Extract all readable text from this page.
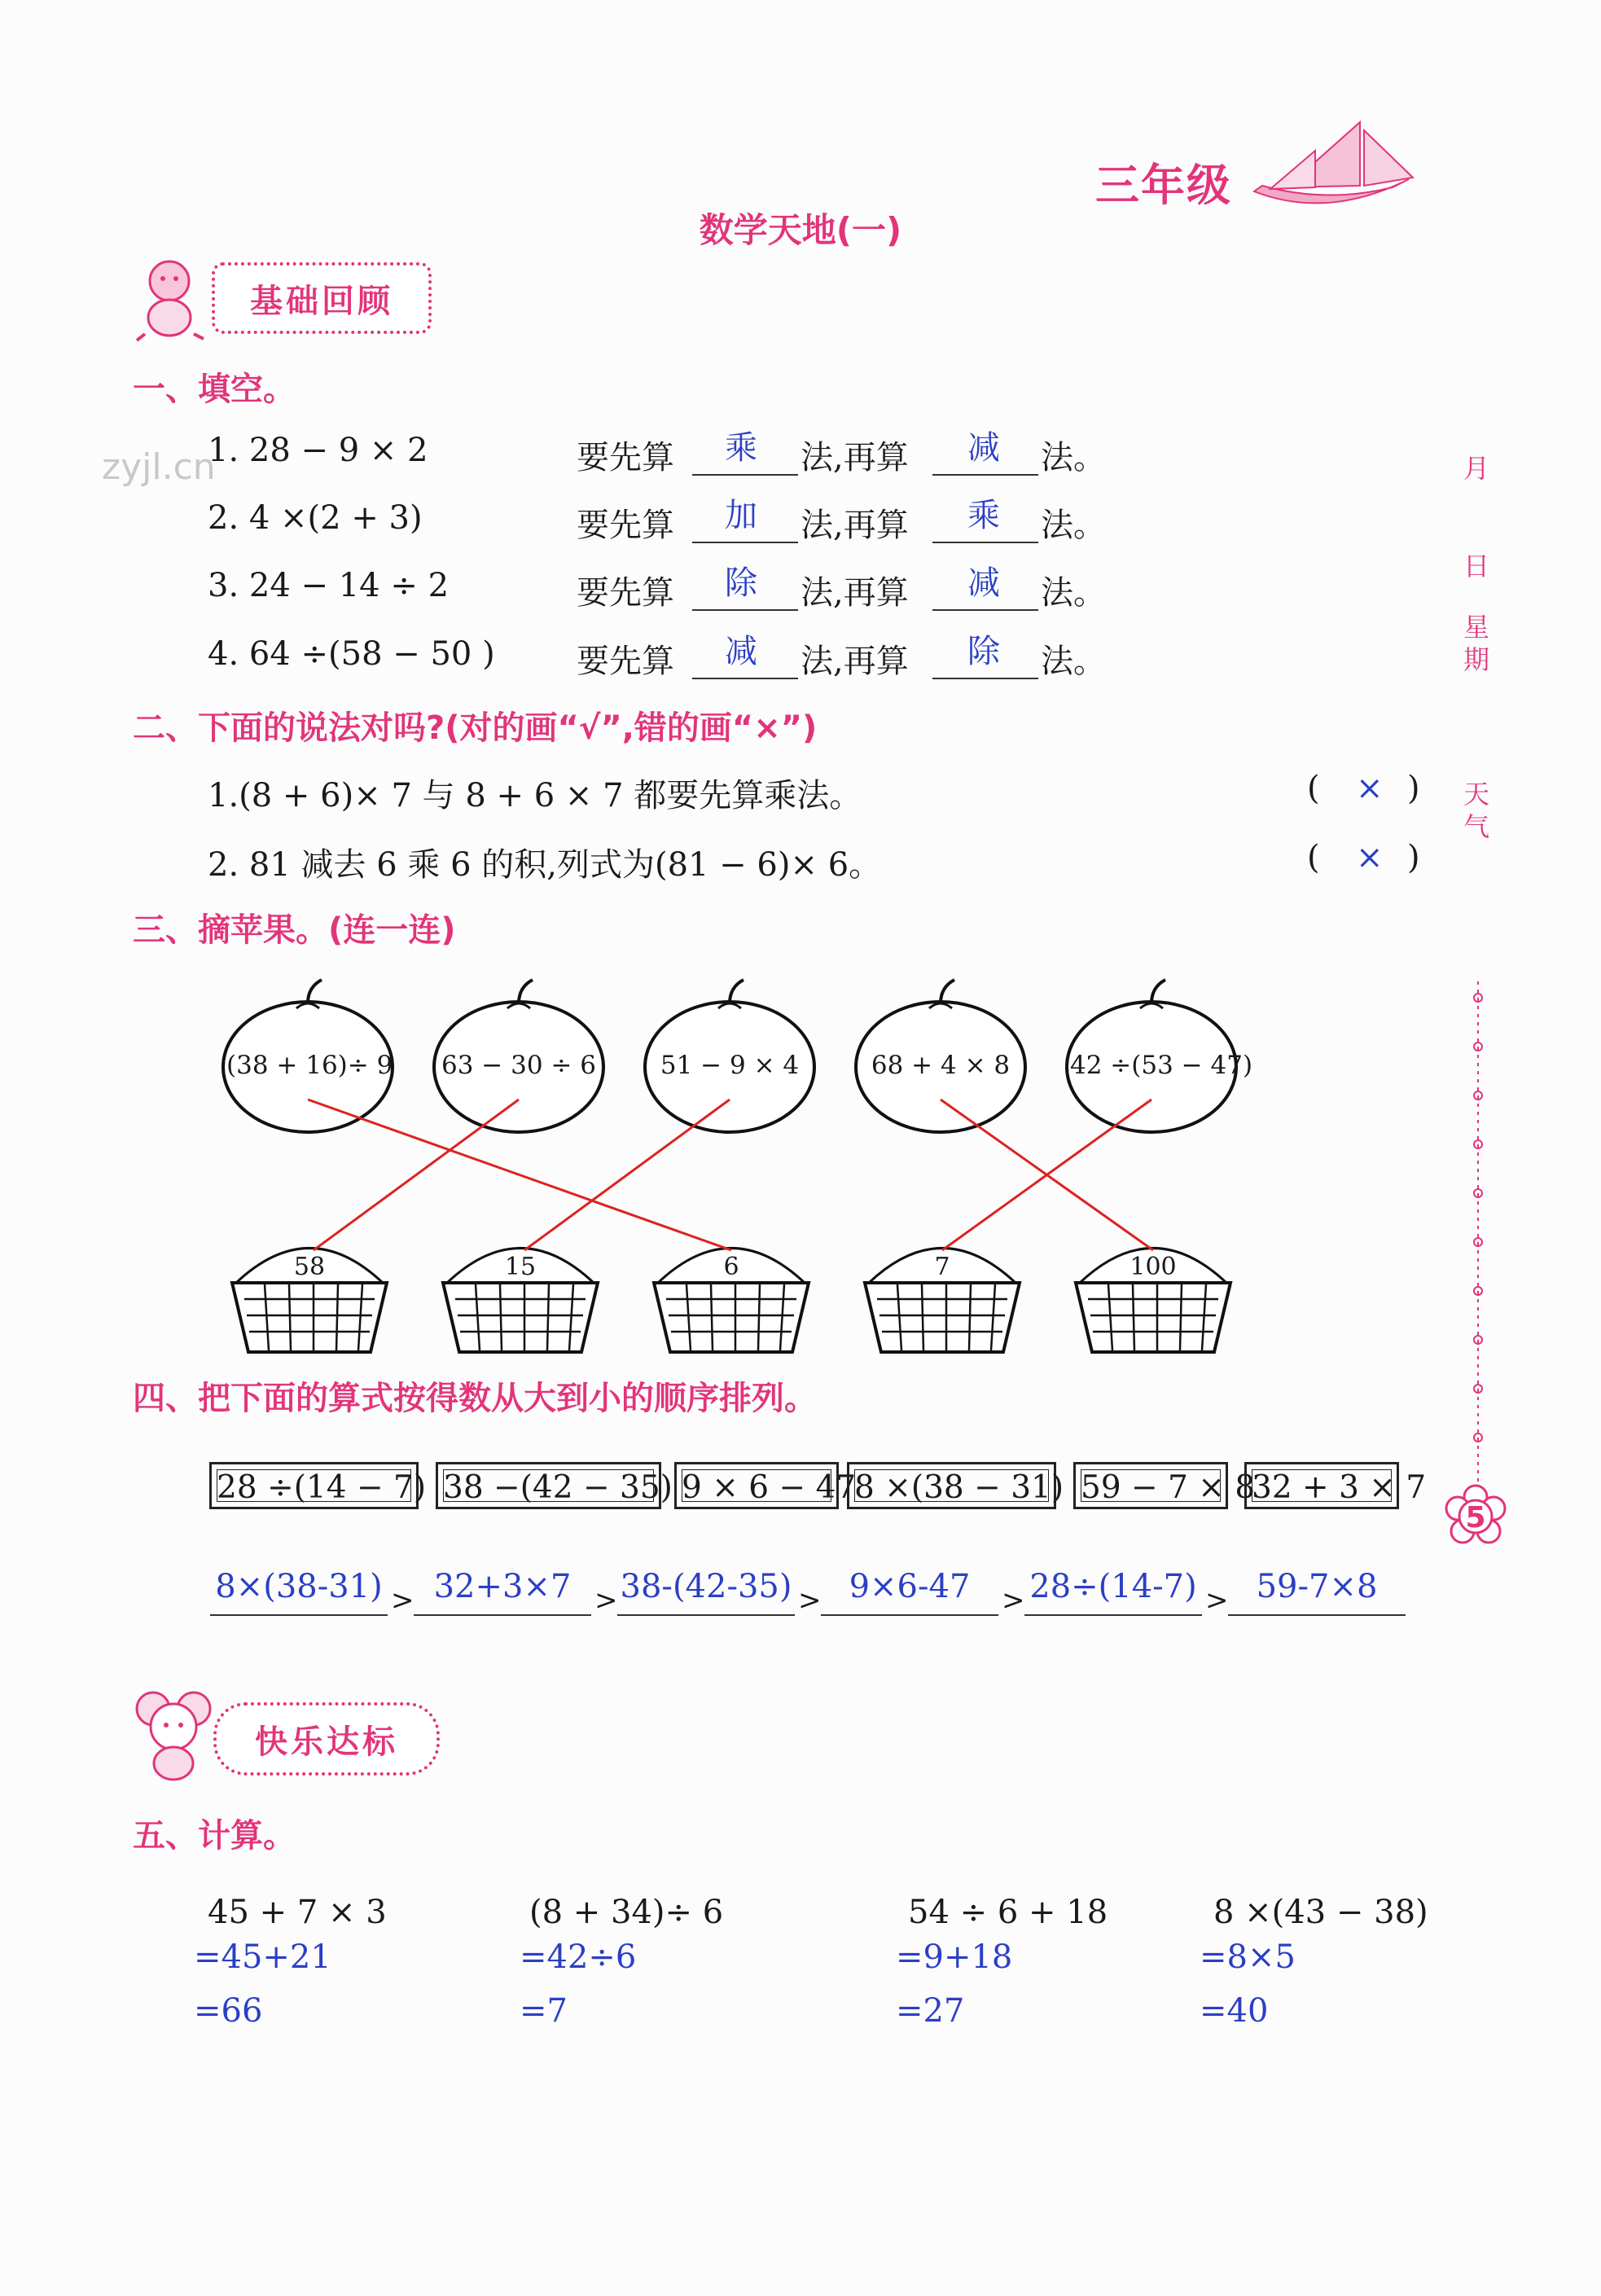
三年级
数学天地(一)
zyjl.cn
基础回顾
一、填空。
1. 28 − 9 × 2	要先算 乘 法,再算 减 法。
2. 4 ×(2 + 3)	要先算 加 法,再算 乘 法。
3. 24 − 14 ÷ 2	要先算 除 法,再算 减 法。
4. 64 ÷(58 − 50 )	要先算 减 法,再算 除 法。
二、下面的说法对吗?(对的画“√”,错的画“×”)
1.(8 + 6)× 7 与 8 + 6 × 7 都要先算乘法。	( × )
2. 81 减去 6 乘 6 的积,列式为(81 − 6)× 6。	( × )
三、摘苹果。(连一连)
(38 + 16)÷ 9 63 − 30 ÷ 6	51 − 9 × 4	68 + 4 × 8	42 ÷(53 − 47)
58	15	6	7	100
四、把下面的算式按得数从大到小的顺序排列。
28 ÷(14 − 7) 38 −(42 − 35) 9 × 6 − 47
8 ×(38 − 31) 59 − 7 × 8
32 + 3 × 7
8×(38-31) > 32+3×7 > 38-(42-35) > 9×6-47	> 28÷(14-7) > 59-7×8
快乐达标
五、计算。
45 + 7 × 3
=45+21
=66
(8 + 34)÷ 6
=42÷6
=7
54 ÷ 6 + 18
=9+18
=27
8 ×(43 − 38)
=8×5
=40
月
日
星期
天气
5
